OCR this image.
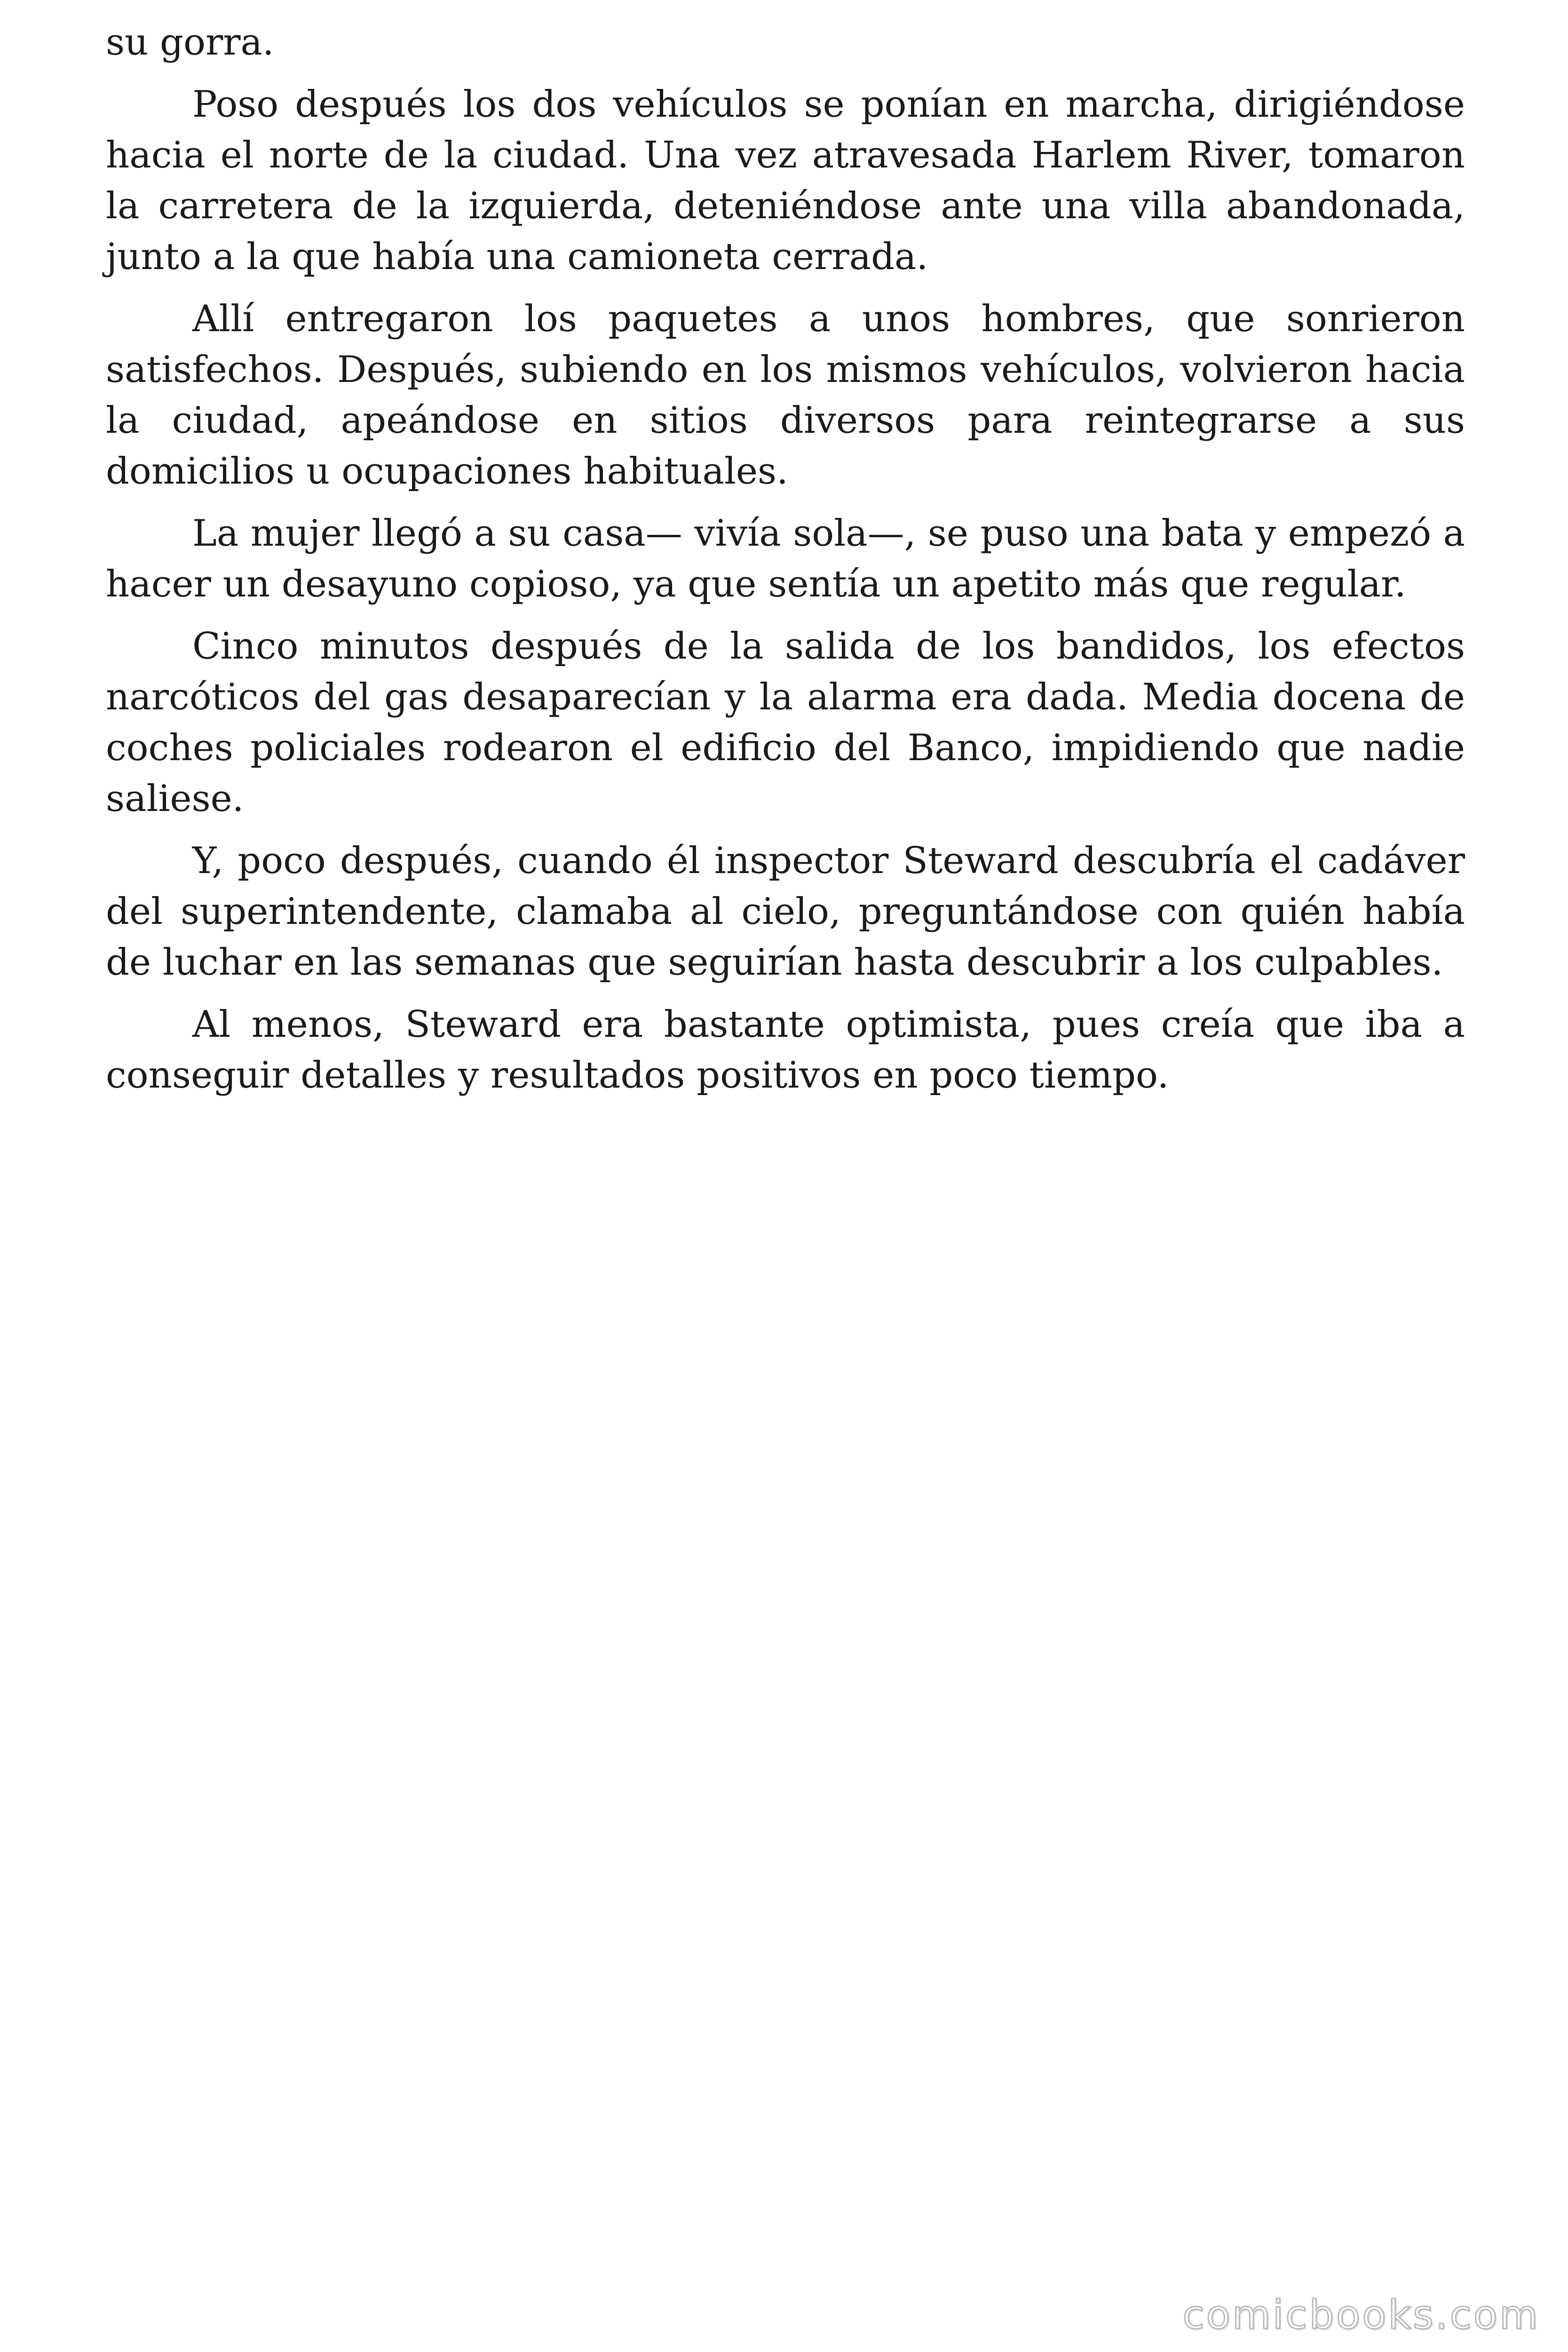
su gorra.

Poso después los dos vehículos se ponían en marcha, dirigiéndose hacia el norte de la ciudad. Una vez atravesada Harlem River, tomaron la carretera de la izquierda, deteniéndose ante una villa abandonada, junto a la que había una camioneta cerrada.

Allí entregaron los paquetes a unos hombres, que sonrieron satisfechos. Después, subiendo en los mismos vehículos, volvieron hacia la ciudad, apeándose en sitios diversos para reintegrarse a sus domicilios u ocupaciones habituales.

La mujer llegó a su casa— vivía sola—, se puso una bata y empezó a hacer un desayuno copioso, ya que sentía un apetito más que regular.

Cinco minutos después de la salida de los bandidos, los efectos narcóticos del gas desaparecían y la alarma era dada. Media docena de coches policiales rodearon el edificio del Banco, impidiendo que nadie saliese.

Y, poco después, cuando él inspector Steward descubría el cadáver del superintendente, clamaba al cielo, preguntándose con quién había de luchar en las semanas que seguirían hasta descubrir a los culpables.

Al menos, Steward era bastante optimista, pues creía que iba a conseguir detalles y resultados positivos en poco tiempo.

comicbooks.com
